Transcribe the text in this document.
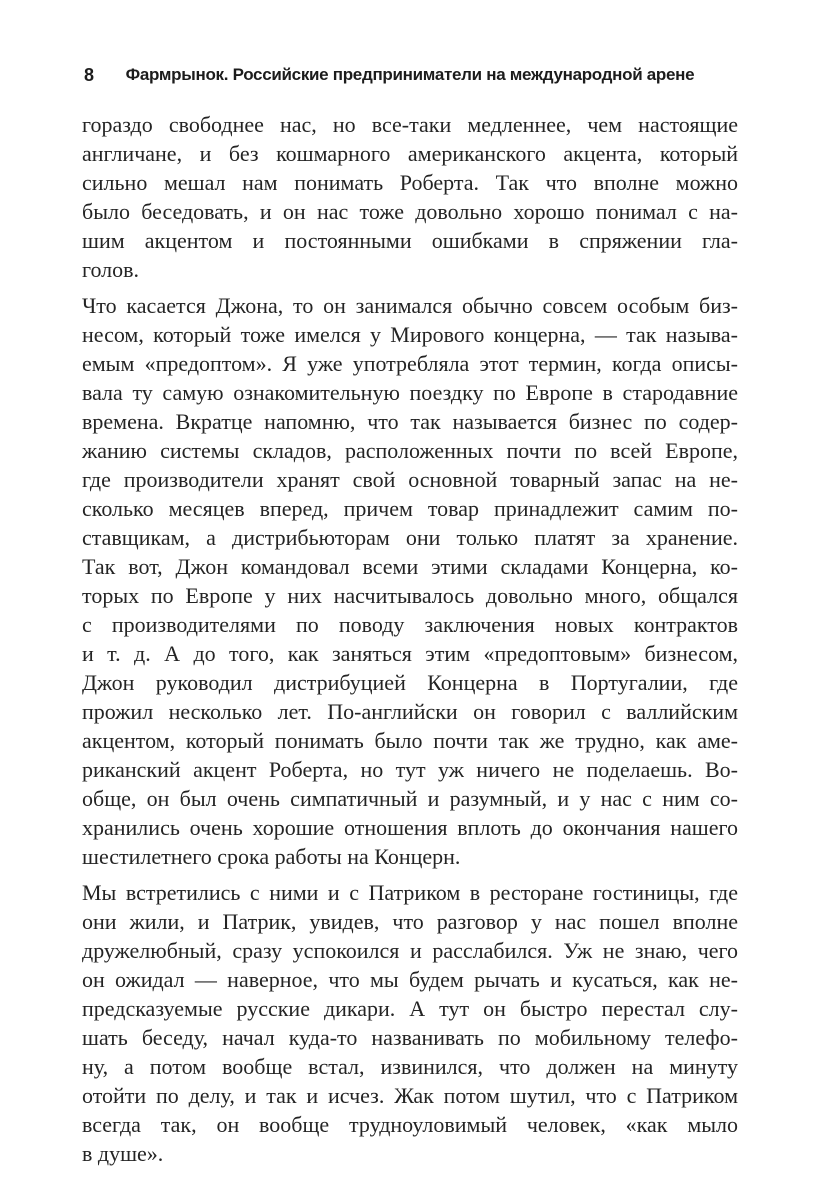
8	Фармрынок. Российские предприниматели на международной арене
гораздо свободнее нас, но все-таки медленнее, чем настоящие
англичане, и без кошмарного американского акцента, который
сильно мешал нам понимать Роберта. Так что вполне можно
было беседовать, и он нас тоже довольно хорошо понимал с на-
шим акцентом и постоянными ошибками в спряжении гла-
голов.
Что касается Джона, то он занимался обычно совсем особым биз-
несом, который тоже имелся у Мирового концерна, — так называ-
емым «предоптом». Я уже употребляла этот термин, когда описы-
вала ту самую ознакомительную поездку по Европе в стародавние
времена. Вкратце напомню, что так называется бизнес по содер-
жанию системы складов, расположенных почти по всей Европе,
где производители хранят свой основной товарный запас на не-
сколько месяцев вперед, причем товар принадлежит самим по-
ставщикам, а дистрибьюторам они только платят за хранение.
Так вот, Джон командовал всеми этими складами Концерна, ко-
торых по Европе у них насчитывалось довольно много, общался
с производителями по поводу заключения новых контрактов
и т. д. А до того, как заняться этим «предоптовым» бизнесом,
Джон руководил дистрибуцией Концерна в Португалии, где
прожил несколько лет. По-английски он говорил с валлийским
акцентом, который понимать было почти так же трудно, как аме-
риканский акцент Роберта, но тут уж ничего не поделаешь. Во-
обще, он был очень симпатичный и разумный, и у нас с ним со-
хранились очень хорошие отношения вплоть до окончания нашего
шестилетнего срока работы на Концерн.
Мы встретились с ними и с Патриком в ресторане гостиницы, где
они жили, и Патрик, увидев, что разговор у нас пошел вполне
дружелюбный, сразу успокоился и расслабился. Уж не знаю, чего
он ожидал — наверное, что мы будем рычать и кусаться, как не-
предсказуемые русские дикари. А тут он быстро перестал слу-
шать беседу, начал куда-то названивать по мобильному телефо-
ну, а потом вообще встал, извинился, что должен на минуту
отойти по делу, и так и исчез. Жак потом шутил, что с Патриком
всегда так, он вообще трудноуловимый человек, «как мыло
в душе».
